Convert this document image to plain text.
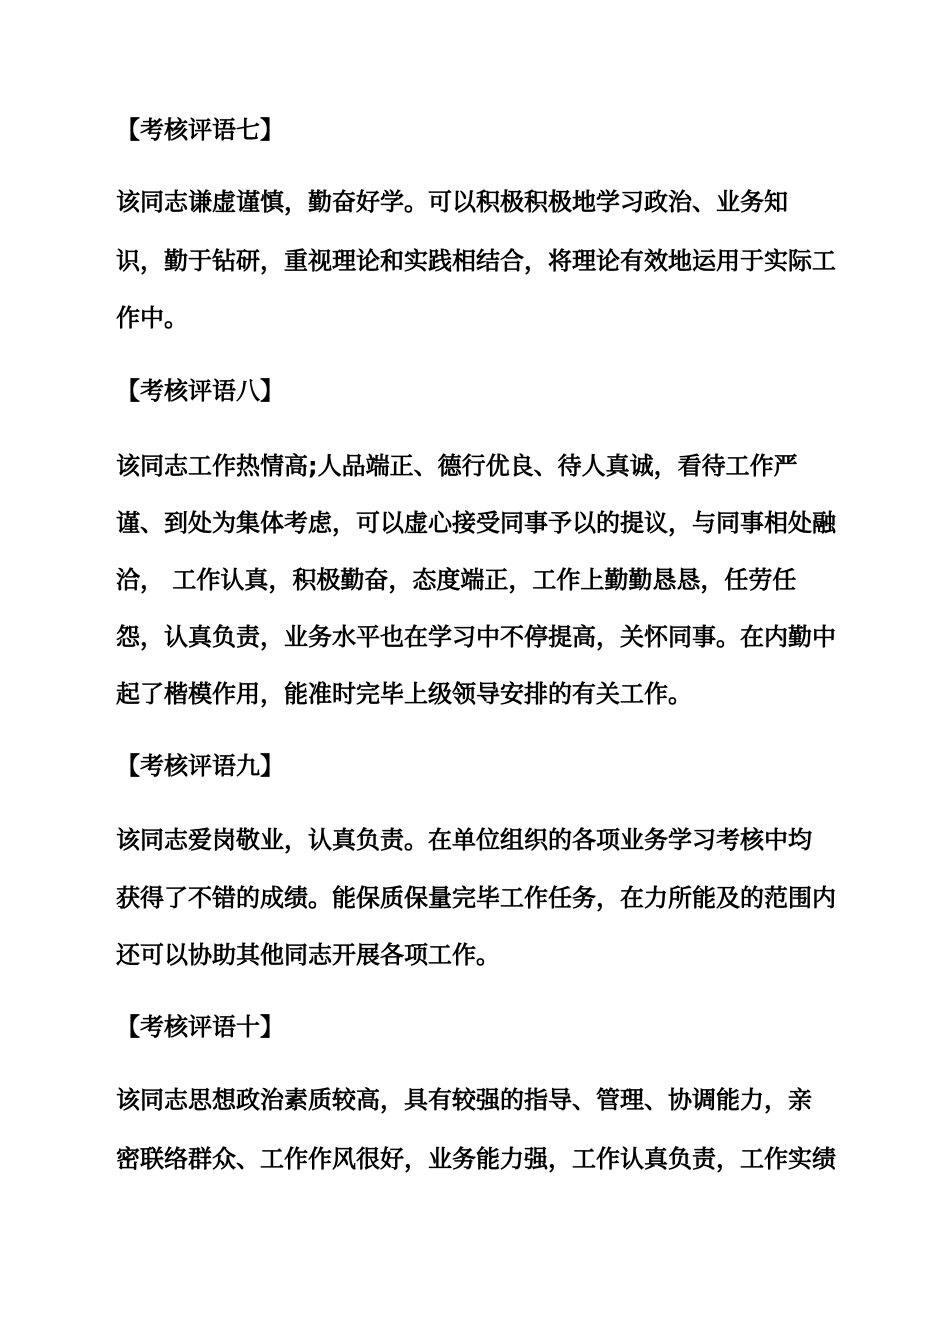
【考核评语七】
该同志谦虚谨慎，勤奋好学。可以积极积极地学习政治、业务知
识，勤于钻研，重视理论和实践相结合，将理论有效地运用于实际工
作中。
【考核评语八】
该同志工作热情高;人品端正、德行优良、待人真诚，看待工作严
谨、到处为集体考虑，可以虚心接受同事予以的提议，与同事相处融
洽， 工作认真，积极勤奋，态度端正，工作上勤勤恳恳，任劳任
怨，认真负责，业务水平也在学习中不停提高，关怀同事。在内勤中
起了楷模作用，能准时完毕上级领导安排的有关工作。
【考核评语九】
该同志爱岗敬业，认真负责。在单位组织的各项业务学习考核中均
获得了不错的成绩。能保质保量完毕工作任务，在力所能及的范围内
还可以协助其他同志开展各项工作。
【考核评语十】
该同志思想政治素质较高，具有较强的指导、管理、协调能力，亲
密联络群众、工作作风很好，业务能力强，工作认真负责，工作实绩
